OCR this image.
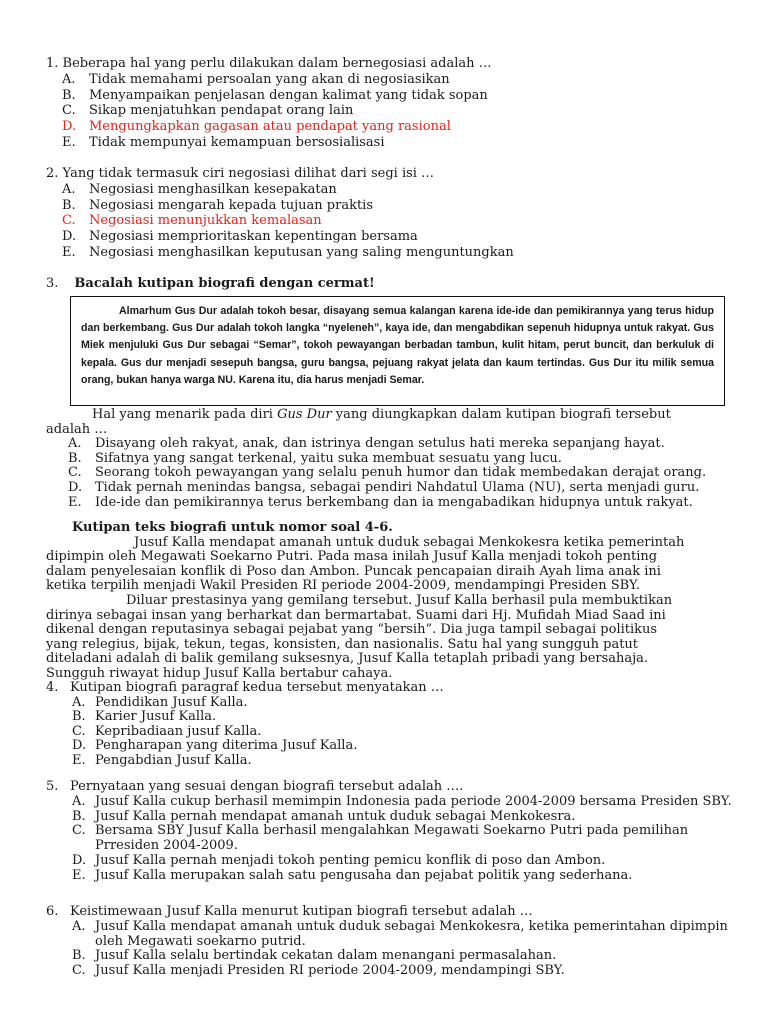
1. Beberapa hal yang perlu dilakukan dalam bernegosiasi adalah …
A.	Tidak memahami persoalan yang akan di negosiasikan
B.	Menyampaikan penjelasan dengan kalimat yang tidak sopan
C.	Sikap menjatuhkan pendapat orang lain
D. Mengungkapkan gagasan atau pendapat yang rasional
E.	Tidak mempunyai kemampuan bersosialisasi
2. Yang tidak termasuk ciri negosiasi dilihat dari segi isi …
A.	Negosiasi menghasilkan kesepakatan
B.	Negosiasi mengarah kepada tujuan praktis
C.	Negosiasi menunjukkan kemalasan
D. Negosiasi memprioritaskan kepentingan bersama
E.	Negosiasi menghasilkan keputusan yang saling menguntungkan
3. Bacalah kutipan biografi dengan cermat!
Almarhum Gus Dur adalah tokoh besar, disayang semua kalangan karena ide-ide dan pemikirannya yang terus hidup dan berkembang. Gus Dur adalah tokoh langka “nyeleneh”, kaya ide, dan mengabdikan sepenuh hidupnya untuk rakyat. Gus Miek menjuluki Gus Dur sebagai “Semar”, tokoh pewayangan berbadan tambun, kulit hitam, perut buncit, dan berkuluk di kepala. Gus dur menjadi sesepuh bangsa, guru bangsa, pejuang rakyat jelata dan kaum tertindas. Gus Dur itu milik semua orang, bukan hanya warga NU. Karena itu, dia harus menjadi Semar.

Hal yang menarik pada diri Gus Dur yang diungkapkan dalam kutipan biografi tersebut

adalah …

A.	Disayang oleh rakyat, anak, dan istrinya dengan setulus hati mereka sepanjang hayat.
B.	Sifatnya yang sangat terkenal, yaitu suka membuat sesuatu yang lucu.
C.	Seorang tokoh pewayangan yang selalu penuh humor dan tidak membedakan derajat orang.
D. Tidak pernah menindas bangsa, sebagai pendiri Nahdatul Ulama (NU), serta menjadi guru.
E.	Ide-ide dan pemikirannya terus berkembang dan ia mengabadikan hidupnya untuk rakyat.
Kutipan teks biografi untuk nomor soal 4-6.

Jusuf Kalla mendapat amanah untuk duduk sebagai Menkokesra ketika pemerintah

dipimpin oleh Megawati Soekarno Putri. Pada masa inilah Jusuf Kalla menjadi tokoh penting

dalam penyelesaian konflik di Poso dan Ambon. Puncak pencapaian diraih Ayah lima anak ini

ketika terpilih menjadi Wakil Presiden RI periode 2004-2009, mendampingi Presiden SBY.

Diluar prestasinya yang gemilang tersebut. Jusuf Kalla berhasil pula membuktikan

dirinya sebagai insan yang berharkat dan bermartabat. Suami dari Hj. Mufidah Miad Saad ini

dikenal dengan reputasinya sebagai pejabat yang “bersih”. Dia juga tampil sebagai politikus

yang relegius, bijak, tekun, tegas, konsisten, dan nasionalis. Satu hal yang sungguh patut

diteladani adalah di balik gemilang suksesnya, Jusuf Kalla tetaplah pribadi yang bersahaja.

Sungguh riwayat hidup Jusuf Kalla bertabur cahaya.

4. Kutipan biografi paragraf kedua tersebut menyatakan …
A. Pendidikan Jusuf Kalla.
B. Karier Jusuf Kalla.
C. Kepribadiaan jusuf Kalla.
D. Pengharapan yang diterima Jusuf Kalla.
E. Pengabdian Jusuf Kalla.
5. Pernyataan yang sesuai dengan biografi tersebut adalah ….
A. Jusuf Kalla cukup berhasil memimpin Indonesia pada periode 2004-2009 bersama Presiden SBY.
B. Jusuf Kalla pernah mendapat amanah untuk duduk sebagai Menkokesra.
C. Bersama SBY Jusuf Kalla berhasil mengalahkan Megawati Soekarno Putri pada pemilihan Prresiden 2004-2009.
D. Jusuf Kalla pernah menjadi tokoh penting pemicu konflik di poso dan Ambon.
E. Jusuf Kalla merupakan salah satu pengusaha dan pejabat politik yang sederhana.
6. Keistimewaan Jusuf Kalla menurut kutipan biografi tersebut adalah …
A. Jusuf Kalla mendapat amanah untuk duduk sebagai Menkokesra, ketika pemerintahan dipimpin oleh Megawati soekarno putrid.
B. Jusuf Kalla selalu bertindak cekatan dalam menangani permasalahan.
C. Jusuf Kalla menjadi Presiden RI periode 2004-2009, mendampingi SBY.
